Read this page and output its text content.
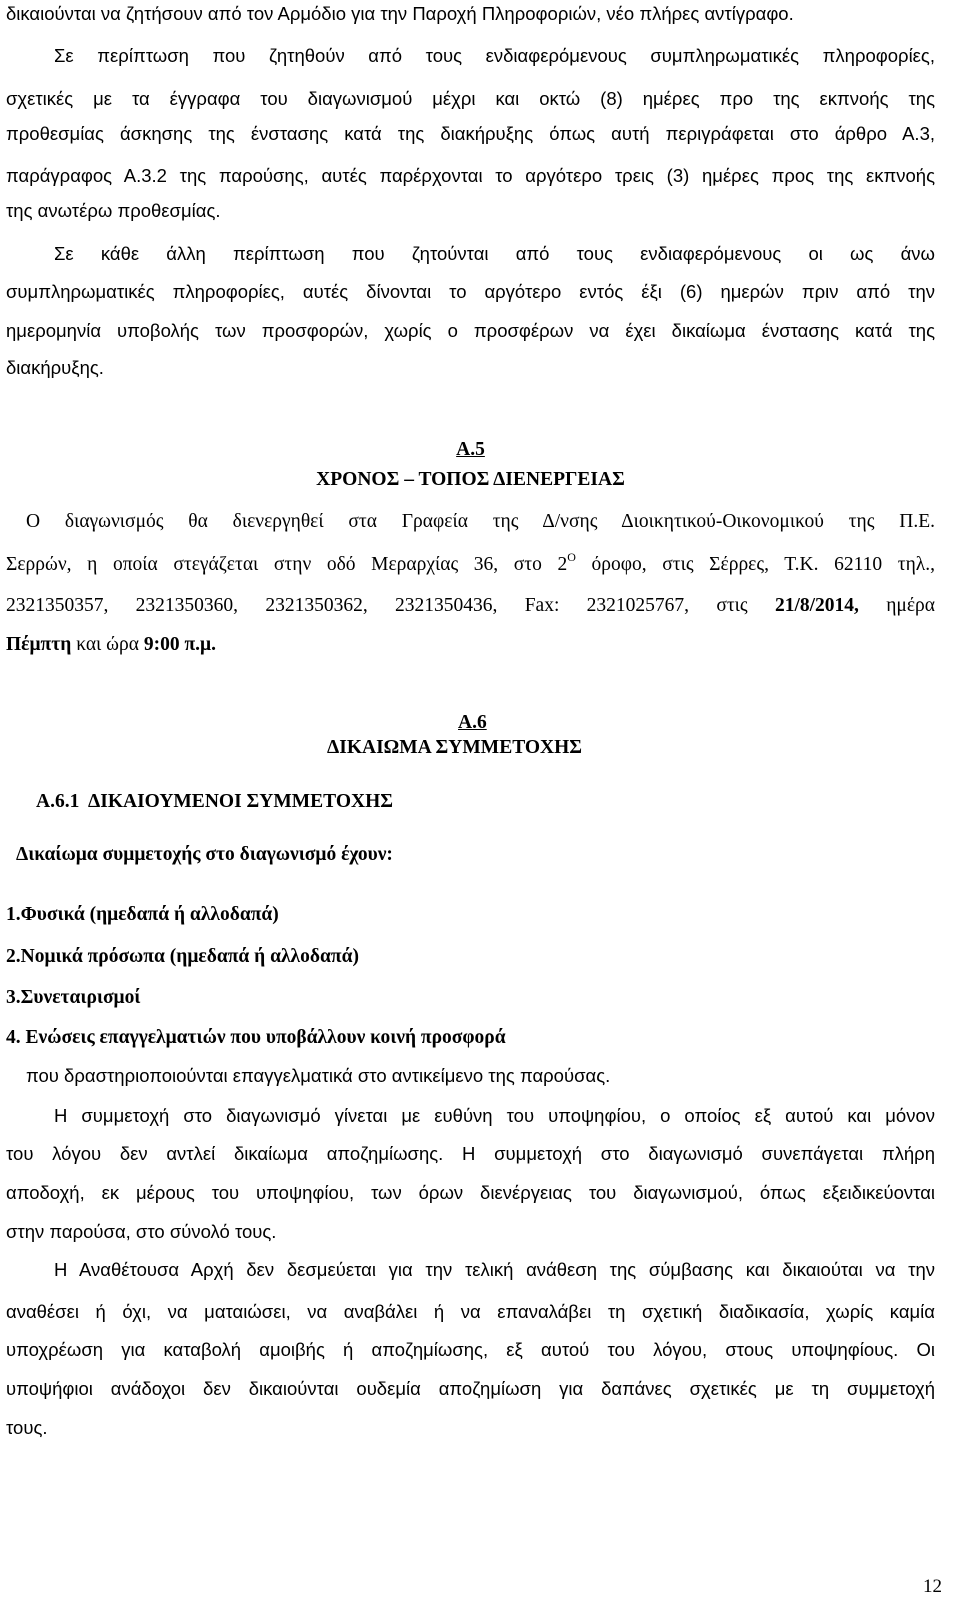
δικαιούνται να ζητήσουν από τον Αρμόδιο για την Παροχή Πληροφοριών, νέο πλήρες αντίγραφο.
Σε περίπτωση που ζητηθούν από τους ενδιαφερόμενους συμπληρωματικές πληροφορίες,
σχετικές με τα έγγραφα του διαγωνισμού μέχρι και οκτώ (8) ημέρες προ της εκπνοής της
προθεσμίας άσκησης της ένστασης κατά της διακήρυξης όπως αυτή περιγράφεται στο άρθρο Α.3,
παράγραφος Α.3.2 της παρούσης, αυτές παρέρχονται το αργότερο τρεις (3) ημέρες προς της εκπνοής
της ανωτέρω προθεσμίας.
Σε κάθε άλλη περίπτωση που ζητούνται από τους ενδιαφερόμενους οι ως άνω
συμπληρωματικές πληροφορίες, αυτές δίνονται το αργότερο εντός έξι (6) ημερών πριν από την
ημερομηνία υποβολής των προσφορών, χωρίς ο προσφέρων να έχει δικαίωμα ένστασης κατά της
διακήρυξης.
Α.5
ΧΡΟΝΟΣ – ΤΟΠΟΣ ΔΙΕΝΕΡΓΕΙΑΣ
Ο διαγωνισμός θα διενεργηθεί στα Γραφεία της Δ/νσης Διοικητικού-Οικονομικού της Π.Ε.
Σερρών, η οποία στεγάζεται στην οδό Μεραρχίας 36, στο $2^O$ όροφο, στις Σέρρες, Τ.Κ. 62110 τηλ.,
2321350357, 2321350360, 2321350362, 2321350436, Fax: 2321025767, στις 21/8/2014, ημέρα
Πέμπτη και ώρα 9:00 π.μ.
Α.6
ΔΙΚΑΙΩΜΑ ΣΥΜΜΕΤΟΧΗΣ
Α.6.1  ΔΙΚΑΙΟΥΜΕΝΟΙ ΣΥΜΜΕΤΟΧΗΣ
Δικαίωμα συμμετοχής στο διαγωνισμό έχουν:
1.Φυσικά (ημεδαπά ή αλλοδαπά)
2.Νομικά πρόσωπα (ημεδαπά ή αλλοδαπά)
3.Συνεταιρισμοί
4. Ενώσεις επαγγελματιών που υποβάλλουν κοινή προσφορά
που δραστηριοποιούνται επαγγελματικά στο αντικείμενο της παρούσας.
Η συμμετοχή στο διαγωνισμό γίνεται με ευθύνη του υποψηφίου, ο οποίος εξ αυτού και μόνον
του λόγου δεν αντλεί δικαίωμα αποζημίωσης. Η συμμετοχή στο διαγωνισμό συνεπάγεται πλήρη
αποδοχή, εκ μέρους του υποψηφίου, των όρων διενέργειας του διαγωνισμού, όπως εξειδικεύονται
στην παρούσα, στο σύνολό τους.
Η Αναθέτουσα Αρχή δεν δεσμεύεται για την τελική ανάθεση της σύμβασης και δικαιούται να την
αναθέσει ή όχι, να ματαιώσει, να αναβάλει ή να επαναλάβει τη σχετική διαδικασία, χωρίς καμία
υποχρέωση για καταβολή αμοιβής ή αποζημίωσης, εξ αυτού του λόγου, στους υποψηφίους. Οι
υποψήφιοι ανάδοχοι δεν δικαιούνται ουδεμία αποζημίωση για δαπάνες σχετικές με τη συμμετοχή
τους.
12
